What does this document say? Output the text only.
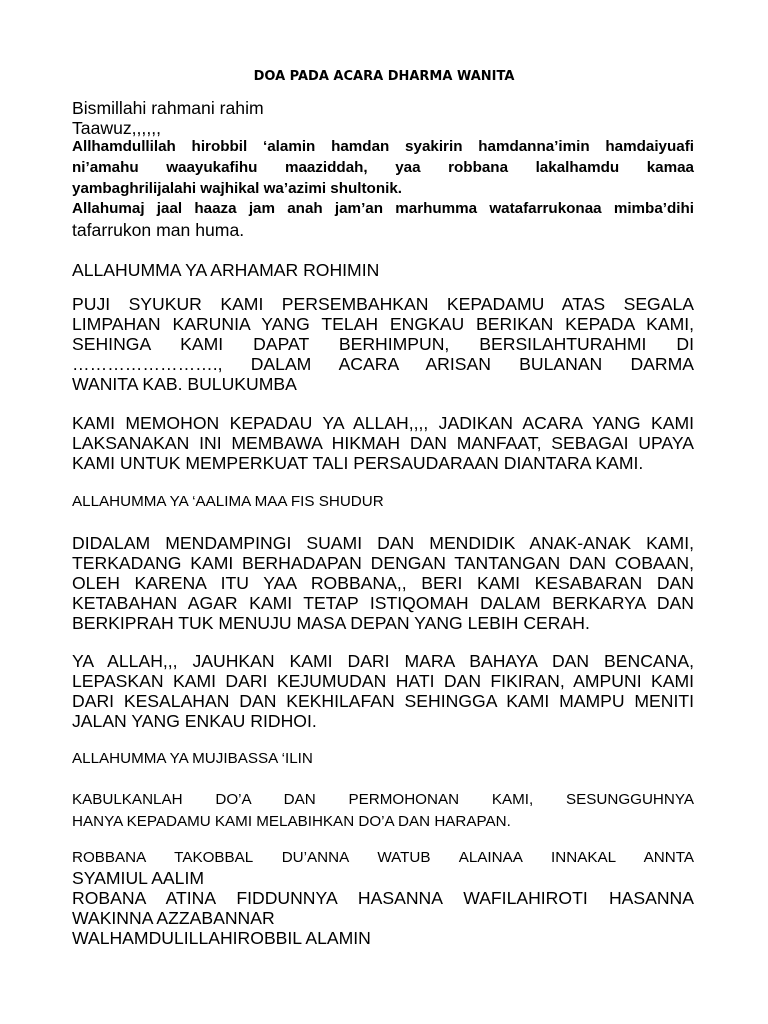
DOA PADA ACARA DHARMA WANITA
Bismillahi rahmani rahim
Taawuz,,,,,,
Allhamdullilah hirobbil ‘alamin hamdan syakirin hamdanna’imin hamdaiyuafi
ni’amahu waayukafihu maaziddah, yaa robbana lakalhamdu kamaa
yambaghrilijalahi wajhikal wa’azimi shultonik.
Allahumaj jaal haaza jam anah jam’an marhumma watafarrukonaa mimba’dihi
tafarrukon man huma.
ALLAHUMMA YA ARHAMAR ROHIMIN
PUJI SYUKUR KAMI PERSEMBAHKAN KEPADAMU ATAS SEGALA
LIMPAHAN KARUNIA YANG TELAH ENGKAU BERIKAN KEPADA KAMI,
SEHINGA KAMI DAPAT BERHIMPUN, BERSILAHTURAHMI DI
……………………., DALAM ACARA ARISAN BULANAN DARMA
WANITA KAB. BULUKUMBA
KAMI MEMOHON KEPADAU YA ALLAH,,,, JADIKAN ACARA YANG KAMI
LAKSANAKAN INI MEMBAWA HIKMAH DAN MANFAAT, SEBAGAI UPAYA
KAMI UNTUK MEMPERKUAT TALI PERSAUDARAAN DIANTARA KAMI.
ALLAHUMMA YA ‘AALIMA MAA FIS SHUDUR
DIDALAM MENDAMPINGI SUAMI DAN MENDIDIK ANAK-ANAK KAMI,
TERKADANG KAMI BERHADAPAN DENGAN TANTANGAN DAN COBAAN,
OLEH KARENA ITU YAA ROBBANA,, BERI KAMI KESABARAN DAN
KETABAHAN AGAR KAMI TETAP ISTIQOMAH DALAM BERKARYA DAN
BERKIPRAH TUK MENUJU MASA DEPAN YANG LEBIH CERAH.
YA ALLAH,,, JAUHKAN KAMI DARI MARA BAHAYA DAN BENCANA,
LEPASKAN KAMI DARI KEJUMUDAN HATI DAN FIKIRAN, AMPUNI KAMI
DARI KESALAHAN DAN KEKHILAFAN SEHINGGA KAMI MAMPU MENITI
JALAN YANG ENKAU RIDHOI.
ALLAHUMMA YA MUJIBASSA ‘ILIN
KABULKANLAH DO’A DAN PERMOHONAN KAMI, SESUNGGUHNYA
HANYA KEPADAMU KAMI MELABIHKAN DO’A DAN HARAPAN.
ROBBANA TAKOBBAL DU’ANNA WATUB ALAINAA INNAKAL ANNTA
SYAMIUL AALIM
ROBANA ATINA FIDDUNNYA HASANNA WAFILAHIROTI HASANNA
WAKINNA AZZABANNAR
WALHAMDULILLAHIROBBIL ALAMIN
